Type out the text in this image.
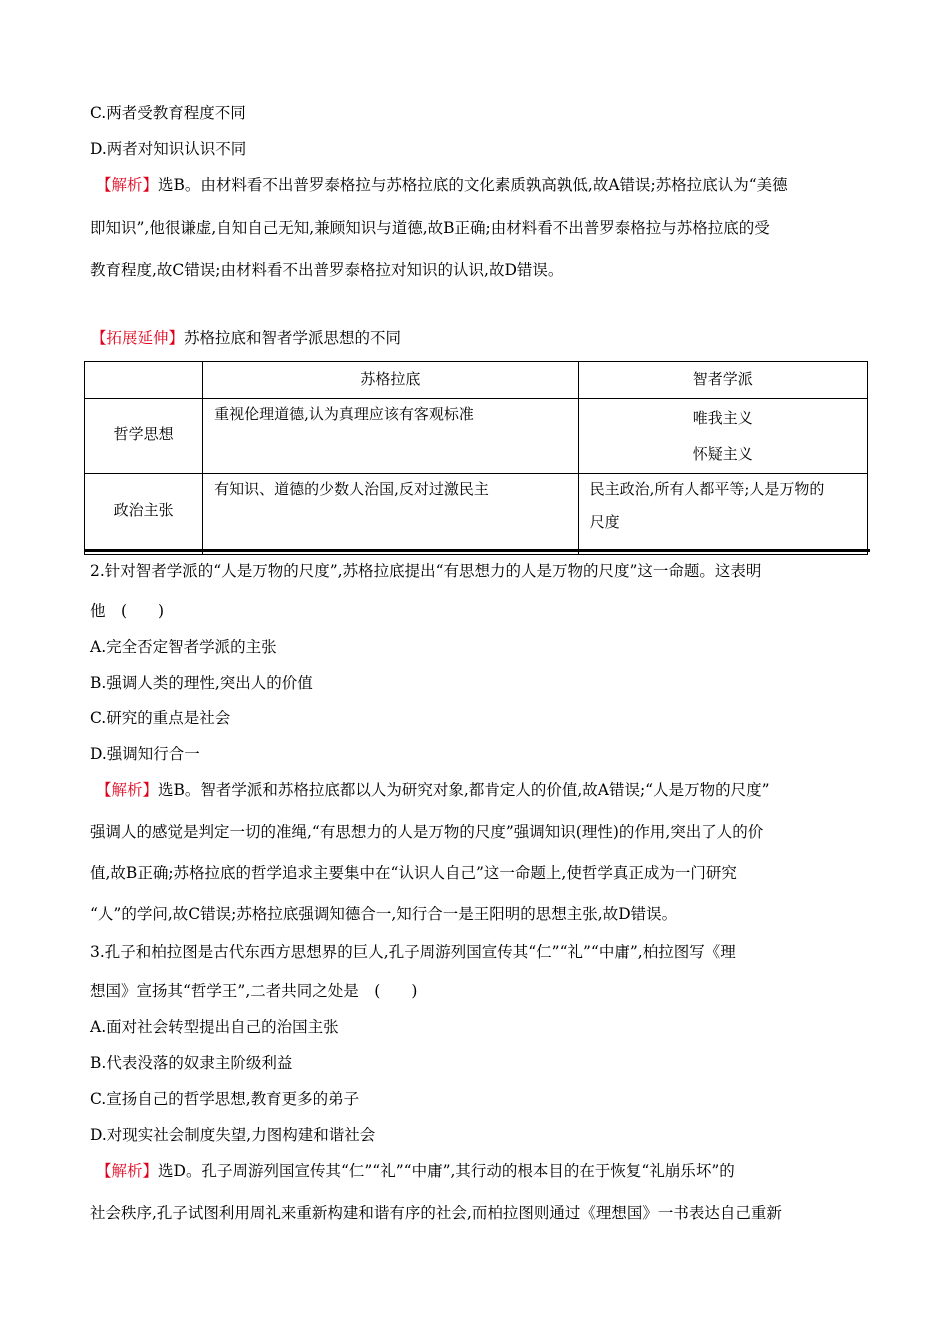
C.两者受教育程度不同
D.两者对知识认识不同
【解析】选B。由材料看不出普罗泰格拉与苏格拉底的文化素质孰高孰低,故A错误;苏格拉底认为“美德
即知识”,他很谦虚,自知自己无知,兼顾知识与道德,故B正确;由材料看不出普罗泰格拉与苏格拉底的受
教育程度,故C错误;由材料看不出普罗泰格拉对知识的认识,故D错误。
【拓展延伸】苏格拉底和智者学派思想的不同

	苏格拉底	智者学派

哲学思想	重视伦理道德,认为真理应该有客观标准	唯我主义
怀疑主义

政治主张	有知识、道德的少数人治国,反对过激民主	民主政治,所有人都平等;人是万物的
尺度
2.针对智者学派的“人是万物的尺度”,苏格拉底提出“有思想力的人是万物的尺度”这一命题。这表明
他　(　　)
A.完全否定智者学派的主张
B.强调人类的理性,突出人的价值
C.研究的重点是社会
D.强调知行合一
【解析】选B。智者学派和苏格拉底都以人为研究对象,都肯定人的价值,故A错误;“人是万物的尺度”
强调人的感觉是判定一切的准绳,“有思想力的人是万物的尺度”强调知识(理性)的作用,突出了人的价
值,故B正确;苏格拉底的哲学追求主要集中在“认识人自己”这一命题上,使哲学真正成为一门研究
“人”的学问,故C错误;苏格拉底强调知德合一,知行合一是王阳明的思想主张,故D错误。
3.孔子和柏拉图是古代东西方思想界的巨人,孔子周游列国宣传其“仁”“礼”“中庸”,柏拉图写《理
想国》宣扬其“哲学王”,二者共同之处是　(　　)
A.面对社会转型提出自己的治国主张
B.代表没落的奴隶主阶级利益
C.宣扬自己的哲学思想,教育更多的弟子
D.对现实社会制度失望,力图构建和谐社会
【解析】选D。孔子周游列国宣传其“仁”“礼”“中庸”,其行动的根本目的在于恢复“礼崩乐坏”的
社会秩序,孔子试图利用周礼来重新构建和谐有序的社会,而柏拉图则通过《理想国》一书表达自己重新
